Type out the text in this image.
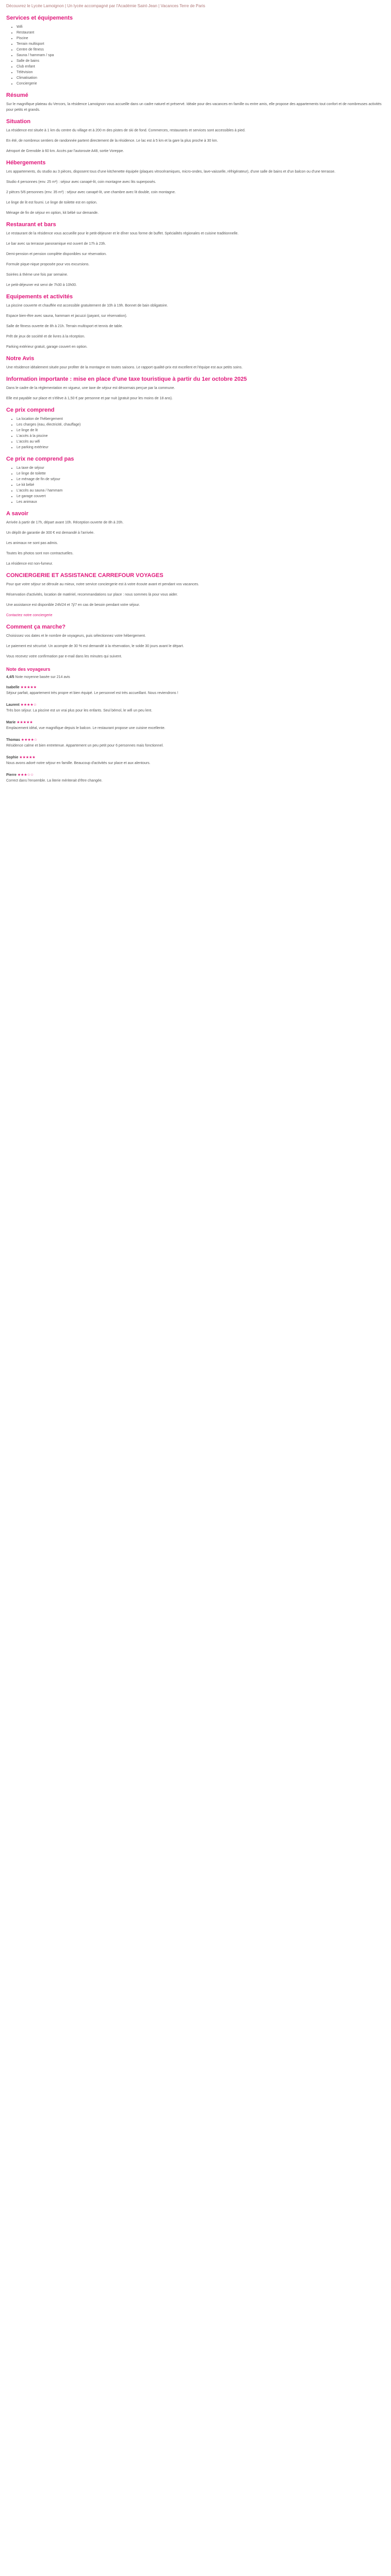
Découvrez le Lycée Lamoignon | Un lycée accompagné par l'Académie Saint-Jean | Vacances Terre de Paris
Services et équipements
• Wifi
• Restaurant
• Piscine
• Terrain multisport
• Centre de fitness
• Sauna / hammam / spa
• Salle de bains
• Club enfant
• Télévision
• Climatisation
• Conciergerie
Résumé

Sur le magnifique plateau du Vercors, la résidence Lamoignon vous accueille dans un cadre naturel et préservé. Idéale pour des vacances en famille ou entre amis, elle propose des appartements tout confort et de nombreuses activités pour petits et grands.

Situation

La résidence est située à 1 km du centre du village et à 200 m des pistes de ski de fond. Commerces, restaurants et services sont accessibles à pied.

En été, de nombreux sentiers de randonnée partent directement de la résidence. Le lac est à 5 km et la gare la plus proche à 30 km.

Aéroport de Grenoble à 60 km. Accès par l'autoroute A48, sortie Voreppe.

Hébergements

Les appartements, du studio au 3 pièces, disposent tous d'une kitchenette équipée (plaques vitrocéramiques, micro-ondes, lave-vaisselle, réfrigérateur), d'une salle de bains et d'un balcon ou d'une terrasse.

Studio 4 personnes (env. 25 m²) : séjour avec canapé-lit, coin montagne avec lits superposés.

2 pièces 5/6 personnes (env. 35 m²) : séjour avec canapé-lit, une chambre avec lit double, coin montagne.

Le linge de lit est fourni. Le linge de toilette est en option.

Ménage de fin de séjour en option, kit bébé sur demande.

Restaurant et bars

Le restaurant de la résidence vous accueille pour le petit-déjeuner et le dîner sous forme de buffet. Spécialités régionales et cuisine traditionnelle.

Le bar avec sa terrasse panoramique est ouvert de 17h à 23h.

Demi-pension et pension complète disponibles sur réservation.

Formule pique-nique proposée pour vos excursions.

Soirées à thème une fois par semaine.

Le petit-déjeuner est servi de 7h30 à 10h00.

Equipements et activités

La piscine couverte et chauffée est accessible gratuitement de 10h à 19h. Bonnet de bain obligatoire.

Espace bien-être avec sauna, hammam et jacuzzi (payant, sur réservation).

Salle de fitness ouverte de 8h à 21h. Terrain multisport et tennis de table.

Prêt de jeux de société et de livres à la réception.

Parking extérieur gratuit, garage couvert en option.

Notre Avis

Une résidence idéalement située pour profiter de la montagne en toutes saisons. Le rapport qualité-prix est excellent et l'équipe est aux petits soins.

Information importante : mise en place d'une taxe touristique à partir du 1er octobre 2025

Dans le cadre de la réglementation en vigueur, une taxe de séjour est désormais perçue par la commune.

Elle est payable sur place et s'élève à 1,50 € par personne et par nuit (gratuit pour les moins de 18 ans).

Ce prix comprend
• La location de l'hébergement
• Les charges (eau, électricité, chauffage)
• Le linge de lit
• L'accès à la piscine
• L'accès au wifi
• Le parking extérieur
Ce prix ne comprend pas
• La taxe de séjour
• Le linge de toilette
• Le ménage de fin de séjour
• Le kit bébé
• L'accès au sauna / hammam
• Le garage couvert
• Les animaux
A savoir

Arrivée à partir de 17h, départ avant 10h. Réception ouverte de 8h à 20h.

Un dépôt de garantie de 300 € est demandé à l'arrivée.

Les animaux ne sont pas admis.

Toutes les photos sont non contractuelles.

La résidence est non-fumeur.

CONCIERGERIE ET ASSISTANCE CARREFOUR VOYAGES

Pour que votre séjour se déroule au mieux, notre service conciergerie est à votre écoute avant et pendant vos vacances.

Réservation d'activités, location de matériel, recommandations sur place : nous sommes là pour vous aider.

Une assistance est disponible 24h/24 et 7j/7 en cas de besoin pendant votre séjour.

Contactez notre conciergerie

Comment ça marche?

Choisissez vos dates et le nombre de voyageurs, puis sélectionnez votre hébergement.

Le paiement est sécurisé. Un acompte de 30 % est demandé à la réservation, le solde 30 jours avant le départ.

Vous recevez votre confirmation par e-mail dans les minutes qui suivent.

Note des voyageurs

4,4/5 Note moyenne basée sur 214 avis

Isabelle ★★★★★
Séjour parfait, appartement très propre et bien équipé. Le personnel est très accueillant. Nous reviendrons !
Laurent ★★★★☆
Très bon séjour. La piscine est un vrai plus pour les enfants. Seul bémol, le wifi un peu lent.
Marie ★★★★★
Emplacement idéal, vue magnifique depuis le balcon. Le restaurant propose une cuisine excellente.
Thomas ★★★★☆
Résidence calme et bien entretenue. Appartement un peu petit pour 6 personnes mais fonctionnel.
Sophie ★★★★★
Nous avons adoré notre séjour en famille. Beaucoup d'activités sur place et aux alentours.
Pierre ★★★☆☆
Correct dans l'ensemble. La literie mériterait d'être changée.
